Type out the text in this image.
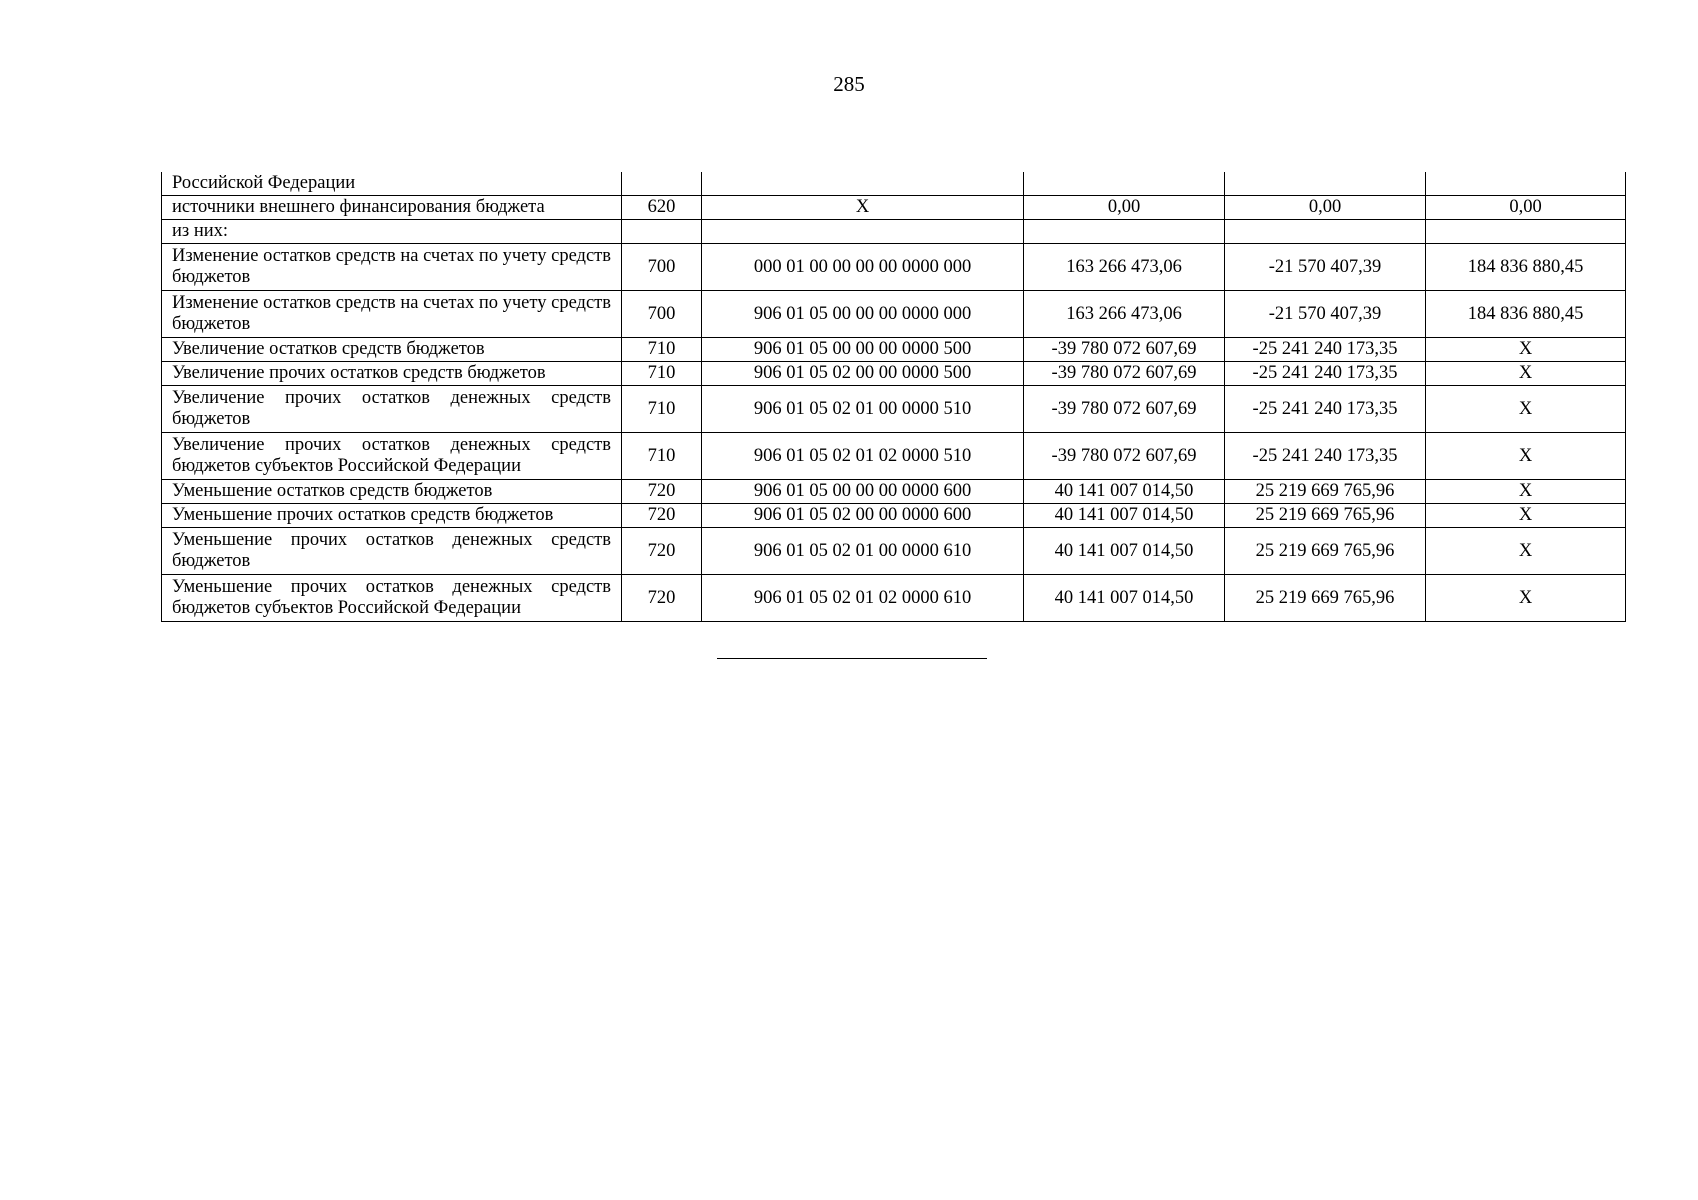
285
Российской Федерации					
источники внешнего финансирования бюджета	620	X	0,00	0,00	0,00
из них:					
Изменение остатков средств на счетах по учету средств бюджетов	700	000 01 00 00 00 00 0000 000	163 266 473,06	-21 570 407,39	184 836 880,45
Изменение остатков средств на счетах по учету средств бюджетов	700	906 01 05 00 00 00 0000 000	163 266 473,06	-21 570 407,39	184 836 880,45
Увеличение остатков средств бюджетов	710	906 01 05 00 00 00 0000 500	-39 780 072 607,69	-25 241 240 173,35	X
Увеличение прочих остатков средств бюджетов	710	906 01 05 02 00 00 0000 500	-39 780 072 607,69	-25 241 240 173,35	X
Увеличение прочих остатков денежных средств бюджетов	710	906 01 05 02 01 00 0000 510	-39 780 072 607,69	-25 241 240 173,35	X
Увеличение прочих остатков денежных средств бюджетов субъектов Российской Федерации	710	906 01 05 02 01 02 0000 510	-39 780 072 607,69	-25 241 240 173,35	X
Уменьшение остатков средств бюджетов	720	906 01 05 00 00 00 0000 600	40 141 007 014,50	25 219 669 765,96	X
Уменьшение прочих остатков средств бюджетов	720	906 01 05 02 00 00 0000 600	40 141 007 014,50	25 219 669 765,96	X
Уменьшение прочих остатков денежных средств бюджетов	720	906 01 05 02 01 00 0000 610	40 141 007 014,50	25 219 669 765,96	X
Уменьшение прочих остатков денежных средств бюджетов субъектов Российской Федерации	720	906 01 05 02 01 02 0000 610	40 141 007 014,50	25 219 669 765,96	X
